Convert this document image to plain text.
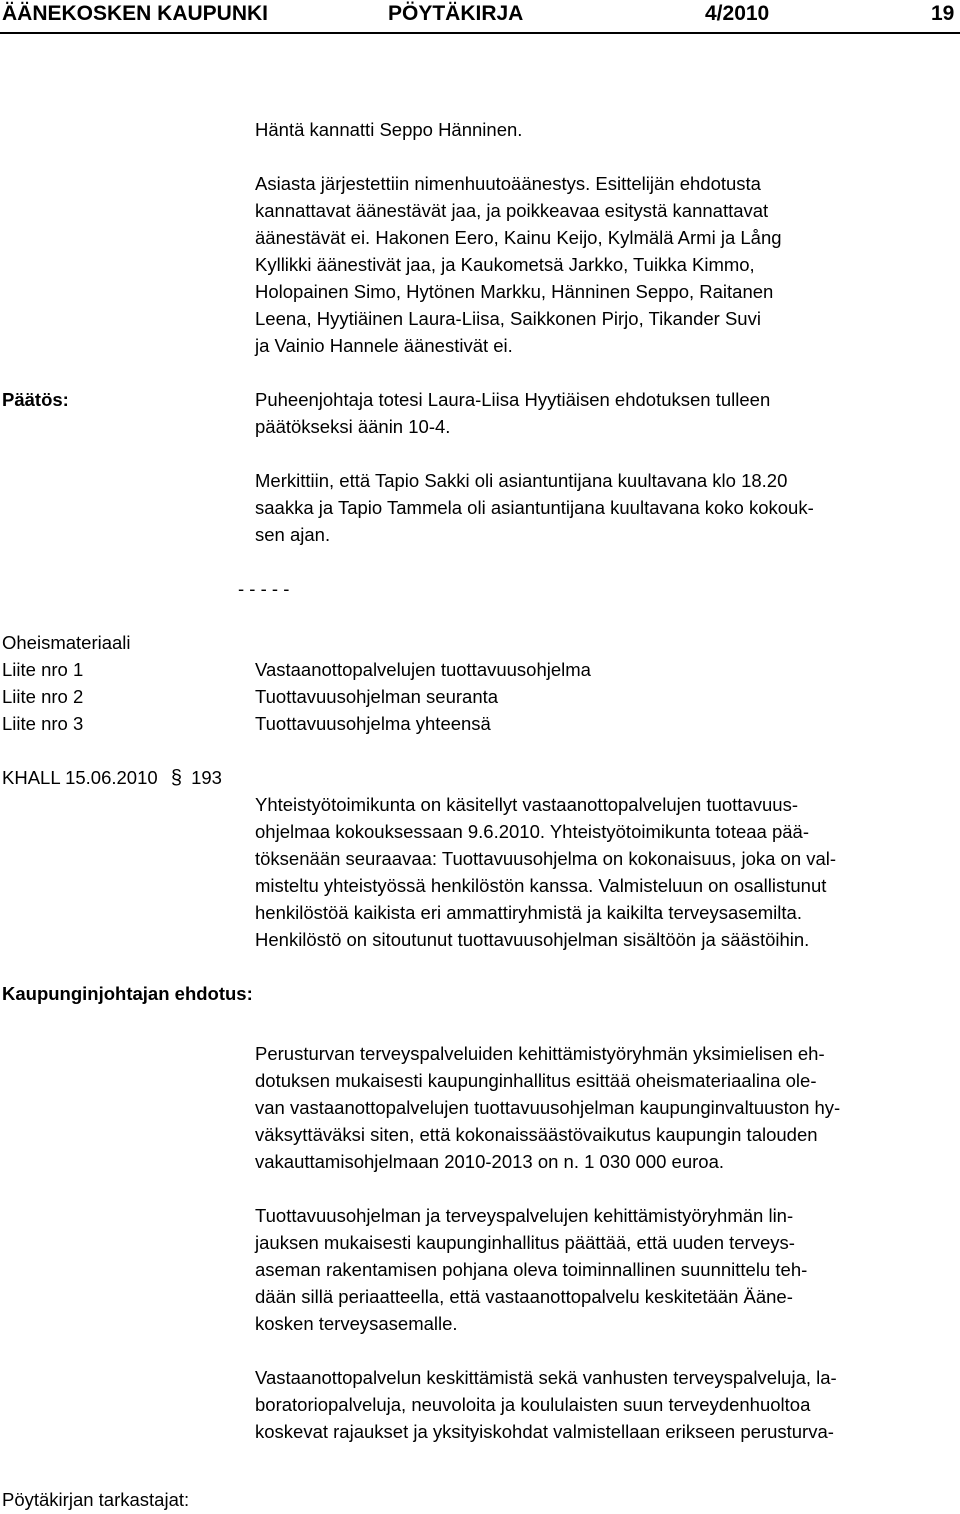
ÄÄNEKOSKEN KAUPUNKI	PÖYTÄKIRJA	4/2010	19
Häntä kannatti Seppo Hänninen.
Asiasta järjestettiin nimenhuutoäänestys. Esittelijän ehdotusta
kannattavat äänestävät jaa, ja poikkeavaa esitystä kannattavat
äänestävät ei. Hakonen Eero, Kainu Keijo, Kylmälä Armi ja Lång
Kyllikki äänestivät jaa, ja Kaukometsä Jarkko, Tuikka Kimmo,
Holopainen Simo, Hytönen Markku, Hänninen Seppo, Raitanen
Leena, Hyytiäinen Laura-Liisa, Saikkonen Pirjo, Tikander Suvi
ja Vainio Hannele äänestivät ei.
Päätös:	Puheenjohtaja totesi Laura-Liisa Hyytiäisen ehdotuksen tulleen
päätökseksi äänin 10-4.
Merkittiin, että Tapio Sakki oli asiantuntijana kuultavana klo 18.20
saakka ja Tapio Tammela oli asiantuntijana kuultavana koko kokouk-
sen ajan.
- - - - -
Oheismateriaali
Liite nro 1	Vastaanottopalvelujen tuottavuusohjelma
Liite nro 2	Tuottavuusohjelman seuranta
Liite nro 3	Tuottavuusohjelma yhteensä
KHALL 15.06.2010 § 193
Yhteistyötoimikunta on käsitellyt vastaanottopalvelujen tuottavuus-
ohjelmaa kokouksessaan 9.6.2010. Yhteistyötoimikunta toteaa pää-
töksenään seuraavaa: Tuottavuusohjelma on kokonaisuus, joka on val-
misteltu yhteistyössä henkilöstön kanssa. Valmisteluun on osallistunut
henkilöstöä kaikista eri ammattiryhmistä ja kaikilta terveysasemilta.
Henkilöstö on sitoutunut tuottavuusohjelman sisältöön ja säästöihin.
Kaupunginjohtajan ehdotus:
Perusturvan terveyspalveluiden kehittämistyöryhmän yksimielisen eh-
dotuksen mukaisesti kaupunginhallitus esittää oheismateriaalina ole-
van vastaanottopalvelujen tuottavuusohjelman kaupunginvaltuuston hy-
väksyttäväksi siten, että kokonaissäästövaikutus kaupungin talouden
vakauttamisohjelmaan 2010-2013 on n. 1 030 000 euroa.
Tuottavuusohjelman ja terveyspalvelujen kehittämistyöryhmän lin-
jauksen mukaisesti kaupunginhallitus päättää, että uuden terveys-
aseman rakentamisen pohjana oleva toiminnallinen suunnittelu teh-
dään sillä periaatteella, että vastaanottopalvelu keskitetään Ääne-
kosken terveysasemalle.
Vastaanottopalvelun keskittämistä sekä vanhusten terveyspalveluja, la-
boratoriopalveluja, neuvoloita ja koululaisten suun terveydenhuoltoa
koskevat rajaukset ja yksityiskohdat valmistellaan erikseen perusturva-
Pöytäkirjan tarkastajat:
